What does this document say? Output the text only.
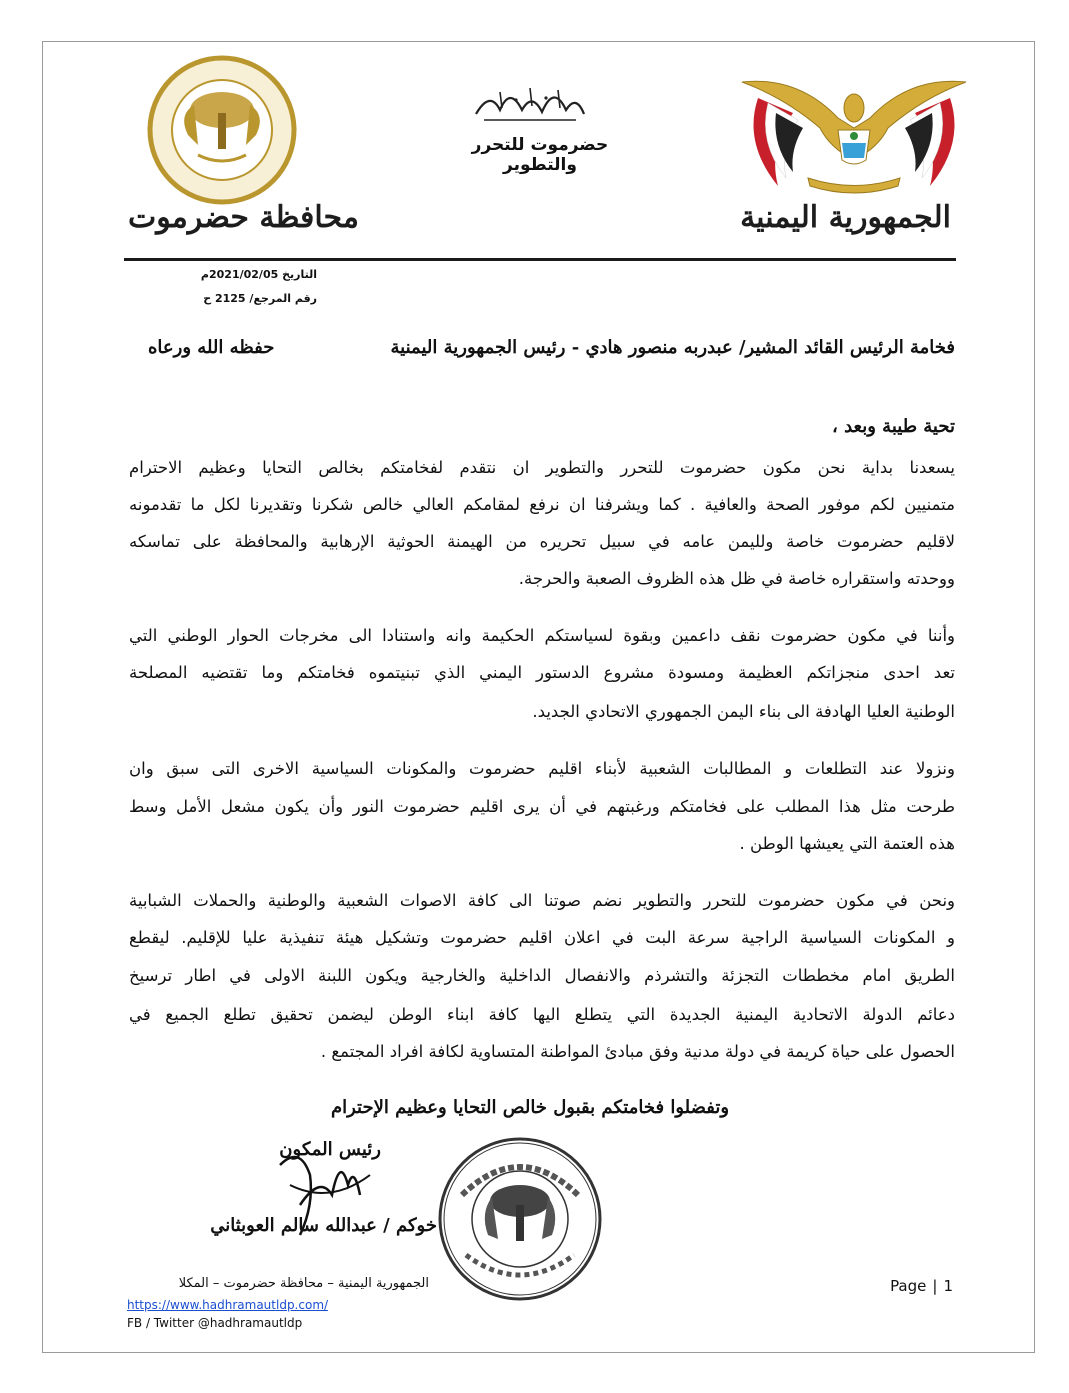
الجمهورية اليمنية
محافظة حضرموت
حضرموت للتحرر والتطوير
التاريخ 2021/02/05م
رقم المرجع/ 2125 ح
فخامة الرئيس القائد المشير/ عبدربه منصور هادي - رئيس الجمهورية اليمنية
حفظه الله ورعاه
تحية طيبة وبعد ،
يسعدنا بداية نحن مكون حضرموت للتحرر والتطوير ان نتقدم لفخامتكم بخالص التحايا وعظيم الاحترام
متمنيين لكم موفور الصحة والعافية . كما ويشرفنا ان نرفع لمقامكم العالي خالص شكرنا وتقديرنا لكل ما تقدمونه
لاقليم حضرموت خاصة ولليمن عامه في سبيل تحريره من الهيمنة الحوثية الإرهابية والمحافظة على تماسكه
ووحدته واستقراره خاصة في ظل هذه الظروف الصعبة والحرجة.
وأننا في مكون حضرموت نقف داعمين وبقوة لسياستكم الحكيمة وانه واستنادا الى مخرجات الحوار الوطني التي
تعد احدى منجزاتكم العظيمة ومسودة مشروع الدستور اليمني الذي تبنيتموه فخامتكم وما تقتضيه المصلحة
الوطنية العليا الهادفة الى بناء اليمن الجمهوري الاتحادي الجديد.
ونزولا عند التطلعات و المطالبات الشعبية لأبناء اقليم حضرموت والمكونات السياسية الاخرى التى سبق وان
طرحت مثل هذا المطلب على فخامتكم ورغبتهم في أن يرى اقليم حضرموت النور وأن يكون مشعل الأمل وسط
هذه العتمة التي يعيشها الوطن .
ونحن في مكون حضرموت للتحرر والتطوير نضم صوتنا الى كافة الاصوات الشعبية والوطنية والحملات الشبابية
و المكونات السياسية الراجية سرعة البت في اعلان اقليم حضرموت وتشكيل هيئة تنفيذية عليا للإقليم. ليقطع
الطريق امام مخططات التجزئة والتشرذم والانفصال الداخلية والخارجية ويكون اللبنة الاولى في اطار ترسيخ
دعائم الدولة الاتحادية اليمنية الجديدة التي يتطلع اليها كافة ابناء الوطن ليضمن تحقيق تطلع الجميع في
الحصول على حياة كريمة في دولة مدنية وفق مبادئ المواطنة المتساوية لكافة افراد المجتمع .
وتفضلوا فخامتكم بقبول خالص التحايا وعظيم الإحترام
رئيس المكون
خوكم / عبدالله سالم العوبثاني
الجمهورية اليمنية – محافظة حضرموت – المكلا
https://www.hadhramautldp.com/
FB / Twitter @hadhramautldp
Page | 1
